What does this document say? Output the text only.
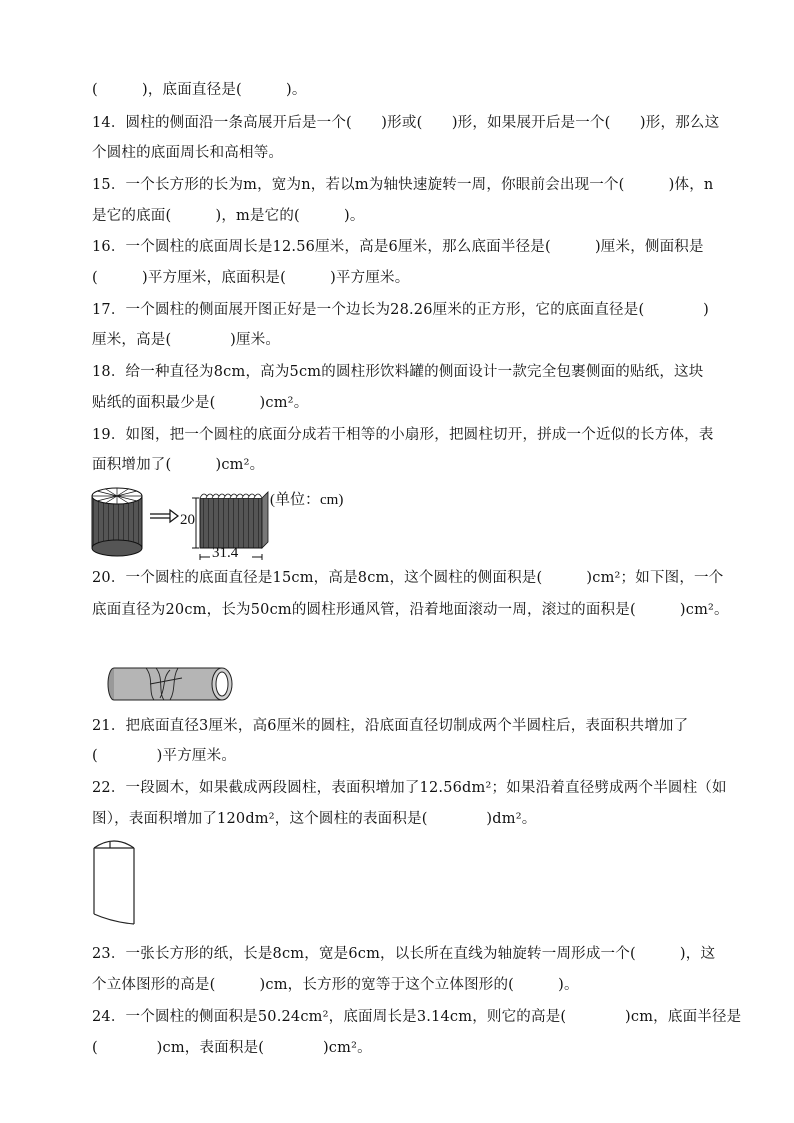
(　　　)，底面直径是(　　　)。
14．圆柱的侧面沿一条高展开后是一个(　　)形或(　　)形，如果展开后是一个(　　)形，那么这
个圆柱的底面周长和高相等。
15．一个长方形的长为m，宽为n，若以m为轴快速旋转一周，你眼前会出现一个(　　　)体，n
是它的底面(　　　)，m是它的(　　　)。
16．一个圆柱的底面周长是12.56厘米，高是6厘米，那么底面半径是(　　　)厘米，侧面积是
(　　　)平方厘米，底面积是(　　　)平方厘米。
17．一个圆柱的侧面展开图正好是一个边长为28.26厘米的正方形，它的底面直径是(　　　　)
厘米，高是(　　　　)厘米。
18．给一种直径为8cm，高为5cm的圆柱形饮料罐的侧面设计一款完全包裹侧面的贴纸，这块
贴纸的面积最少是(　　　)cm²。
19．如图，把一个圆柱的底面分成若干相等的小扇形，把圆柱切开，拼成一个近似的长方体，表
面积增加了(　　　)cm²。
20
31.4
(单位：cm)
20．一个圆柱的底面直径是15cm，高是8cm，这个圆柱的侧面积是(　　　)cm²；如下图，一个
底面直径为20cm，长为50cm的圆柱形通风管，沿着地面滚动一周，滚过的面积是(　　　)cm²。
21．把底面直径3厘米，高6厘米的圆柱，沿底面直径切制成两个半圆柱后，表面积共增加了
(　　　　)平方厘米。
22．一段圆木，如果截成两段圆柱，表面积增加了12.56dm²；如果沿着直径劈成两个半圆柱（如
图），表面积增加了120dm²，这个圆柱的表面积是(　　　　)dm²。
23．一张长方形的纸，长是8cm，宽是6cm，以长所在直线为轴旋转一周形成一个(　　　)，这
个立体图形的高是(　　　)cm，长方形的宽等于这个立体图形的(　　　)。
24．一个圆柱的侧面积是50.24cm²，底面周长是3.14cm，则它的高是(　　　　)cm，底面半径是
(　　　　)cm，表面积是(　　　　)cm²。
